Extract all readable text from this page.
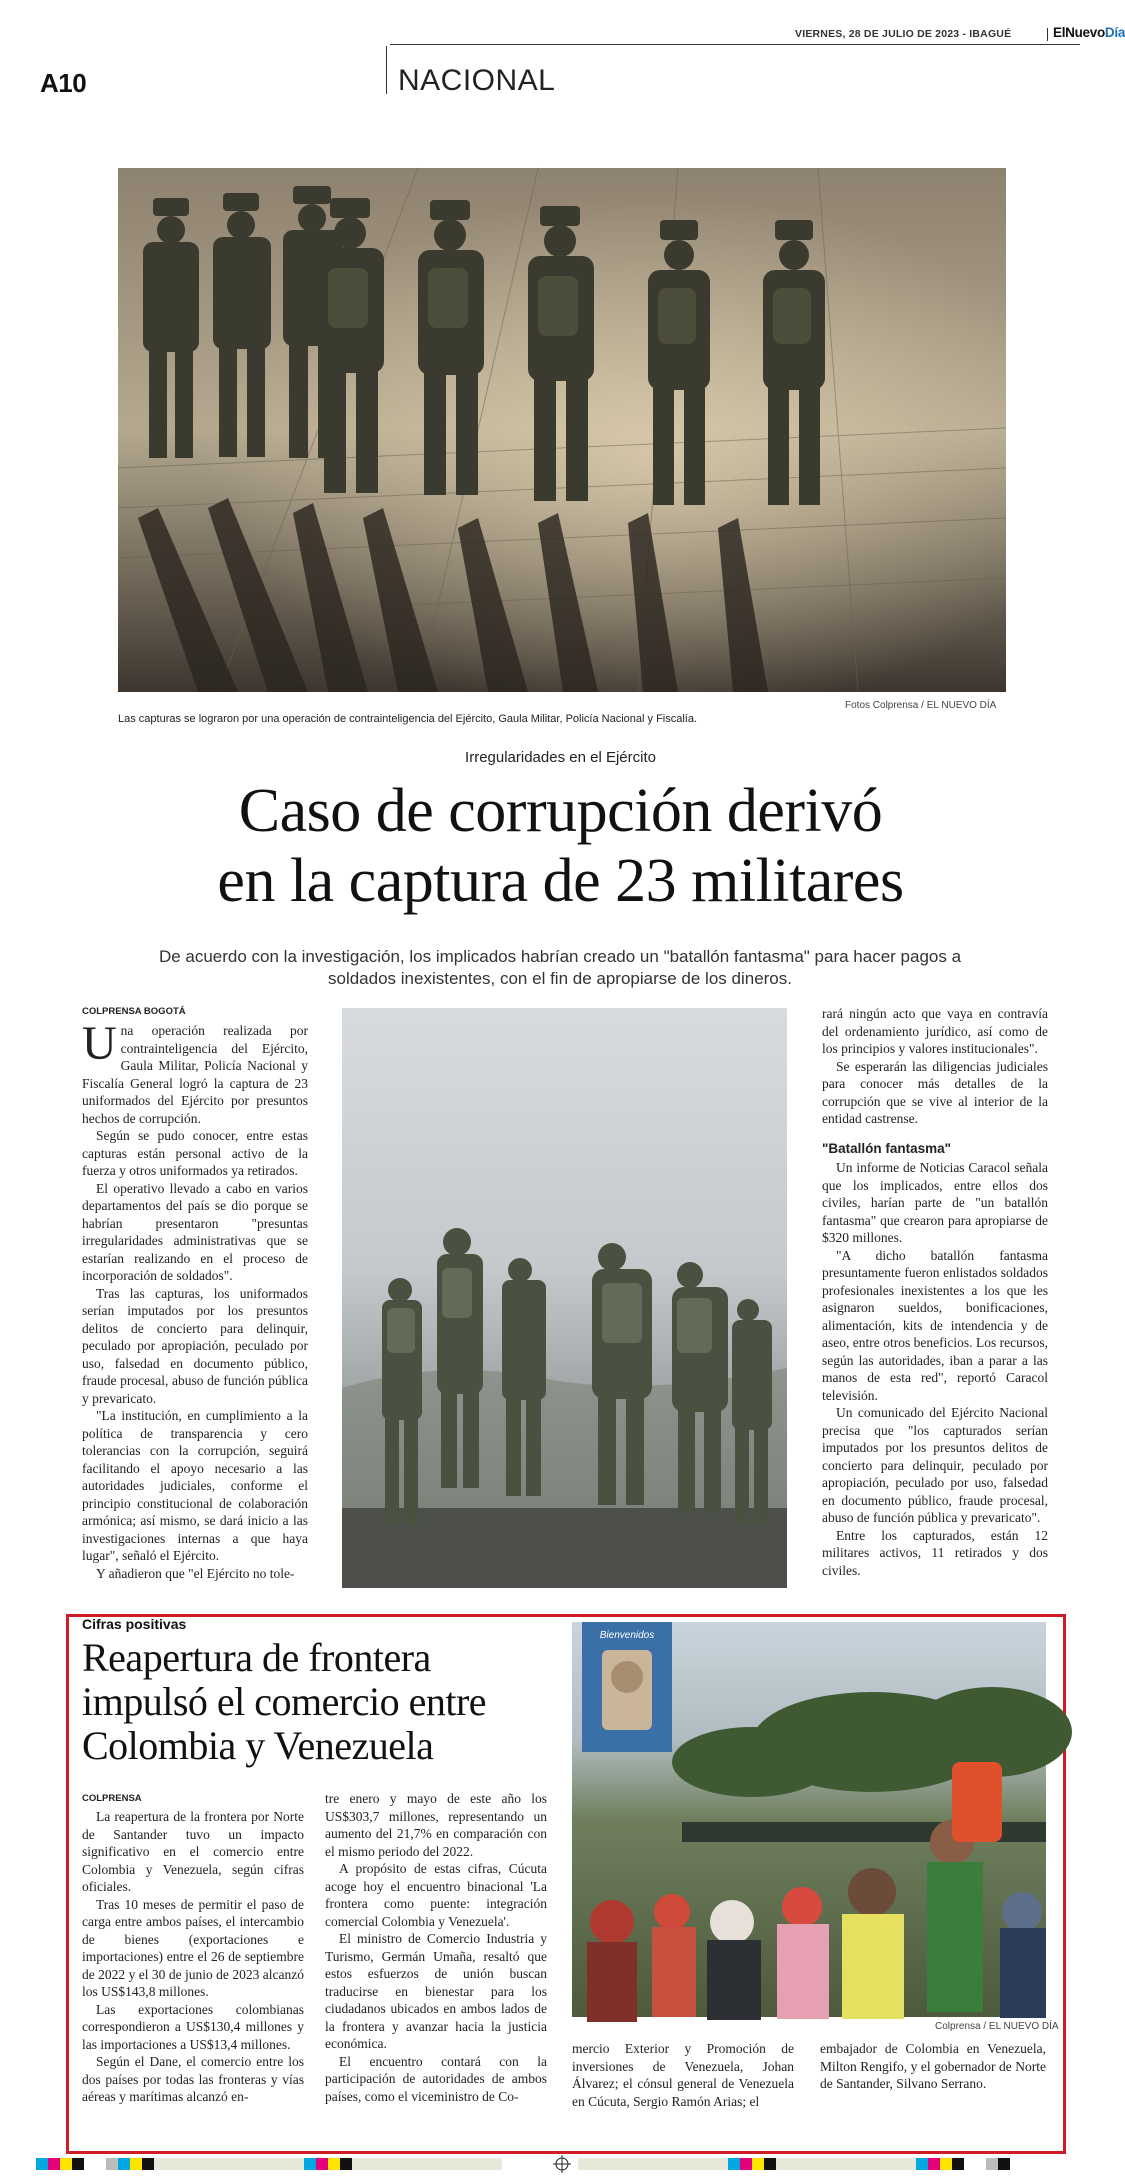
VIERNES, 28 DE JULIO DE 2023 - IBAGUÉ	ElNuevoDía
A10	NACIONAL
Fotos Colprensa / EL NUEVO DÍA
Las capturas se lograron por una operación de contrainteligencia del Ejército, Gaula Militar, Policía Nacional y Fiscalía.
Irregularidades en el Ejército
Caso de corrupción derivó
en la captura de 23 militares
De acuerdo con la investigación, los implicados habrían creado un "batallón fantasma" para hacer pagos a soldados inexistentes, con el fin de apropiarse de los dineros.
COLPRENSA BOGOTÁ

Una operación realizada por contrainteligencia del Ejército, Gaula Militar, Policía Nacional y Fiscalía General logró la captura de 23 uniformados del Ejército por presuntos hechos de corrupción.

Según se pudo conocer, entre estas capturas están personal activo de la fuerza y otros uniformados ya retirados.

El operativo llevado a cabo en varios departamentos del país se dio porque se habrían presentaron "presuntas irregularidades administrativas que se estarían realizando en el proceso de incorporación de soldados".

Tras las capturas, los uniformados serían imputados por los presuntos delitos de concierto para delinquir, peculado por apropiación, peculado por uso, falsedad en documento público, fraude procesal, abuso de función pública y prevaricato.

"La institución, en cumplimiento a la política de transparencia y cero tolerancias con la corrupción, seguirá facilitando el apoyo necesario a las autoridades judiciales, conforme el principio constitucional de colaboración armónica; así mismo, se dará inicio a las investigaciones internas a que haya lugar", señaló el Ejército.

Y añadieron que "el Ejército no tole-

rará ningún acto que vaya en contravía del ordenamiento jurídico, así como de los principios y valores institucionales".

Se esperarán las diligencias judiciales para conocer más detalles de la corrupción que se vive al interior de la entidad castrense.

"Batallón fantasma"

Un informe de Noticias Caracol señala que los implicados, entre ellos dos civiles, harían parte de "un batallón fantasma" que crearon para apropiarse de $320 millones.

"A dicho batallón fantasma presuntamente fueron enlistados soldados profesionales inexistentes a los que les asignaron sueldos, bonificaciones, alimentación, kits de intendencia y de aseo, entre otros beneficios. Los recursos, según las autoridades, iban a parar a las manos de esta red", reportó Caracol televisión.

Un comunicado del Ejército Nacional precisa que "los capturados serían imputados por los presuntos delitos de concierto para delinquir, peculado por apropiación, peculado por uso, falsedad en documento público, fraude procesal, abuso de función pública y prevaricato".

Entre los capturados, están 12 militares activos, 11 retirados y dos civiles.

Cifras positivas
Reapertura de frontera
impulsó el comercio entre
Colombia y Venezuela
COLPRENSA

La reapertura de la frontera por Norte de Santander tuvo un impacto significativo en el comercio entre Colombia y Venezuela, según cifras oficiales.

Tras 10 meses de permitir el paso de carga entre ambos países, el intercambio de bienes (exportaciones e importaciones) entre el 26 de septiembre de 2022 y el 30 de junio de 2023 alcanzó los US$143,8 millones.

Las exportaciones colombianas correspondieron a US$130,4 millones y las importaciones a US$13,4 millones.

Según el Dane, el comercio entre los dos países por todas las fronteras y vías aéreas y marítimas alcanzó en-

tre enero y mayo de este año los US$303,7 millones, representando un aumento del 21,7% en comparación con el mismo periodo del 2022.

A propósito de estas cifras, Cúcuta acoge hoy el encuentro binacional 'La frontera como puente: integración comercial Colombia y Venezuela'.

El ministro de Comercio Industria y Turismo, Germán Umaña, resaltó que estos esfuerzos de unión buscan traducirse en bienestar para los ciudadanos ubicados en ambos lados de la frontera y avanzar hacia la justicia económica.

El encuentro contará con la participación de autoridades de ambos países, como el viceministro de Co-

Bienvenidos
Colprensa / EL NUEVO DÍA

mercio Exterior y Promoción de inversiones de Venezuela, Johan Álvarez; el cónsul general de Venezuela en Cúcuta, Sergio Ramón Arias; el

embajador de Colombia en Venezuela, Milton Rengifo, y el gobernador de Norte de Santander, Silvano Serrano.
